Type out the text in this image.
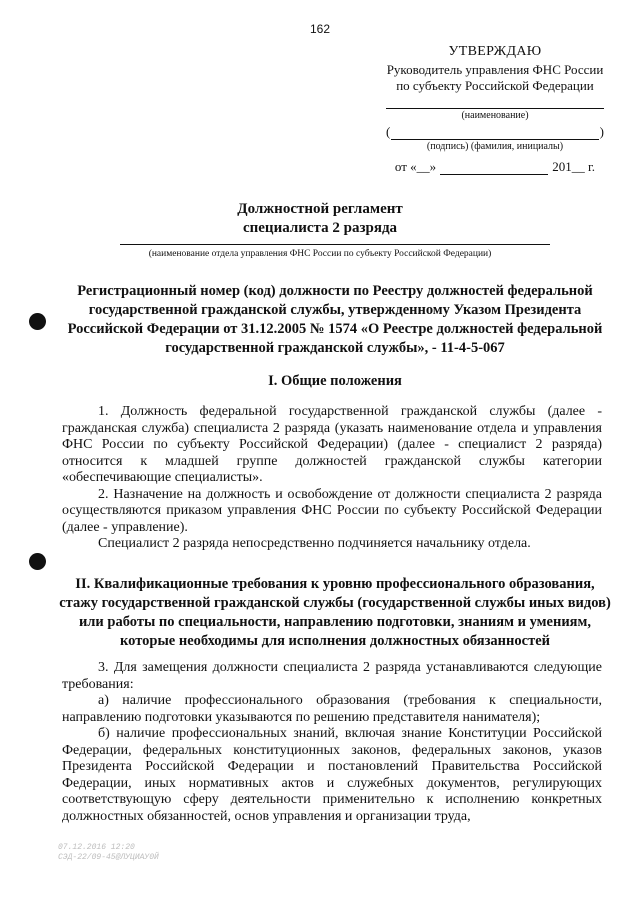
162
УТВЕРЖДАЮ
Руководитель управления ФНС России
по субъекту Российской Федерации
(наименование)
(	)
(подпись) (фамилия, инициалы)
от «__»	201__ г.
Должностной регламент
специалиста 2 разряда
(наименование отдела управления ФНС России по субъекту Российской Федерации)
Регистрационный номер (код) должности по Реестру должностей федеральной государственной гражданской службы, утвержденному Указом Президента Российской Федерации от 31.12.2005 № 1574 «О Реестре должностей федеральной государственной гражданской службы», - 11-4-5-067
I. Общие положения

1. Должность федеральной государственной гражданской службы (далее - гражданская служба) специалиста 2 разряда (указать наименование отдела и управления ФНС России по субъекту Российской Федерации) (далее - специалист 2 разряда) относится к младшей группе должностей гражданской службы категории «обеспечивающие специалисты».

2. Назначение на должность и освобождение от должности специалиста 2 разряда осуществляются приказом управления ФНС России по субъекту Российской Федерации (далее - управление).

Специалист 2 разряда непосредственно подчиняется начальнику отдела.

II. Квалификационные требования к уровню профессионального образования, стажу государственной гражданской службы (государственной службы иных видов) или работы по специальности, направлению подготовки, знаниям и умениям, которые необходимы для исполнения должностных обязанностей

3. Для замещения должности специалиста 2 разряда устанавливаются следующие требования:

а) наличие профессионального образования (требования к специальности, направлению подготовки указываются по решению представителя нанимателя);

б) наличие профессиональных знаний, включая знание Конституции Российской Федерации, федеральных конституционных законов, федеральных законов, указов Президента Российской Федерации и постановлений Правительства Российской Федерации, иных нормативных актов и служебных документов, регулирующих соответствующую сферу деятельности применительно к исполнению конкретных должностных обязанностей, основ управления и организации труда,

07.12.2016 12:20
СЭД-22/09-45@ЛУЦИАУ0Й
